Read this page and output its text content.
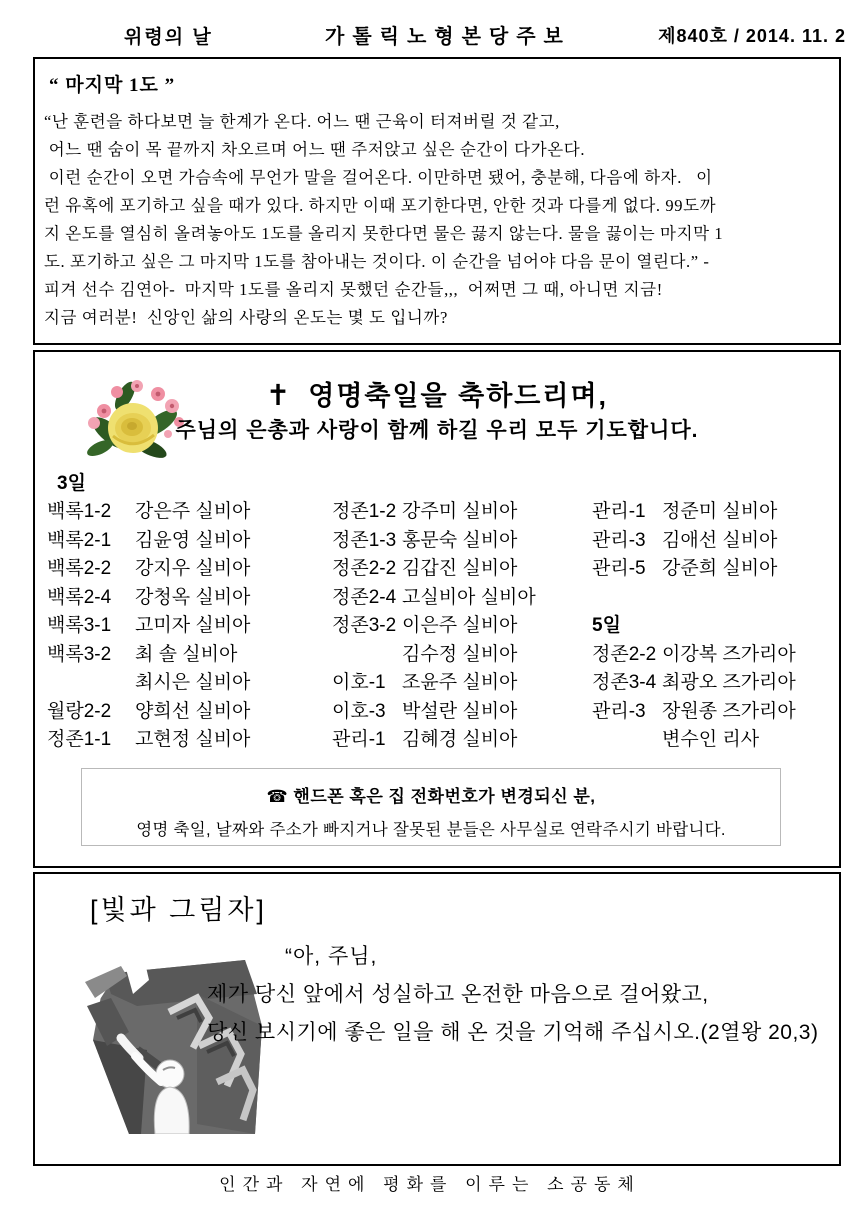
위령의 날	가톨릭노형본당주보	제840호 / 2014. 11. 2
“ 마지막 1도 ”
“난 훈련을 하다보면 늘 한계가 온다. 어느 땐 근육이 터져버릴 것 같고,
어느 땐 숨이 목 끝까지 차오르며 어느 땐 주저앉고 싶은 순간이 다가온다.
이런 순간이 오면 가슴속에 무언가 말을 걸어온다. 이만하면 됐어, 충분해, 다음에 하자.   이
런 유혹에 포기하고 싶을 때가 있다. 하지만 이때 포기한다면, 안한 것과 다를게 없다. 99도까
지 온도를 열심히 올려놓아도 1도를 올리지 못한다면 물은 끓지 않는다. 물을 끓이는 마지막 1
도. 포기하고 싶은 그 마지막 1도를 참아내는 것이다. 이 순간을 넘어야 다음 문이 열린다.” -
피겨 선수 김연아-  마지막 1도를 올리지 못했던 순간들,,,  어쩌면 그 때, 아니면 지금!
지금 여러분!  신앙인 삶의 사랑의 온도는 몇 도 입니까?
✝ 영명축일을 축하드리며,
주님의 은총과 사랑이 함께 하길 우리 모두 기도합니다.
3일
백록1-2 강은주 실비아
백록2-1 김윤영 실비아
백록2-2 강지우 실비아
백록2-4 강청옥 실비아
백록3-1 고미자 실비아
백록3-2 최 솔 실비아
최시은 실비아
월랑2-2 양희선 실비아
정존1-1 고현정 실비아
정존1-2 강주미 실비아
정존1-3 홍문숙 실비아
정존2-2 김갑진 실비아
정존2-4 고실비아 실비아
정존3-2 이은주 실비아
김수정 실비아
이호-1 조윤주 실비아
이호-3 박설란 실비아
관리-1 김혜경 실비아
관리-1 정준미 실비아
관리-3 김애선 실비아
관리-5 강준희 실비아
5일
정존2-2 이강복 즈가리아
정존3-4 최광오 즈가리아
관리-3 장원종 즈가리아
변수인 리사
☎ 핸드폰 혹은 집 전화번호가 변경되신 분,
영명 축일, 날짜와 주소가 빠지거나 잘못된 분들은 사무실로 연락주시기 바랍니다.
[빛과 그림자]
“아, 주님,
제가 당신 앞에서 성실하고 온전한 마음으로 걸어왔고,
당신 보시기에 좋은 일을 해 온 것을 기억해 주십시오.(2열왕 20,3)
인간과 자연에 평화를 이루는 소공동체
